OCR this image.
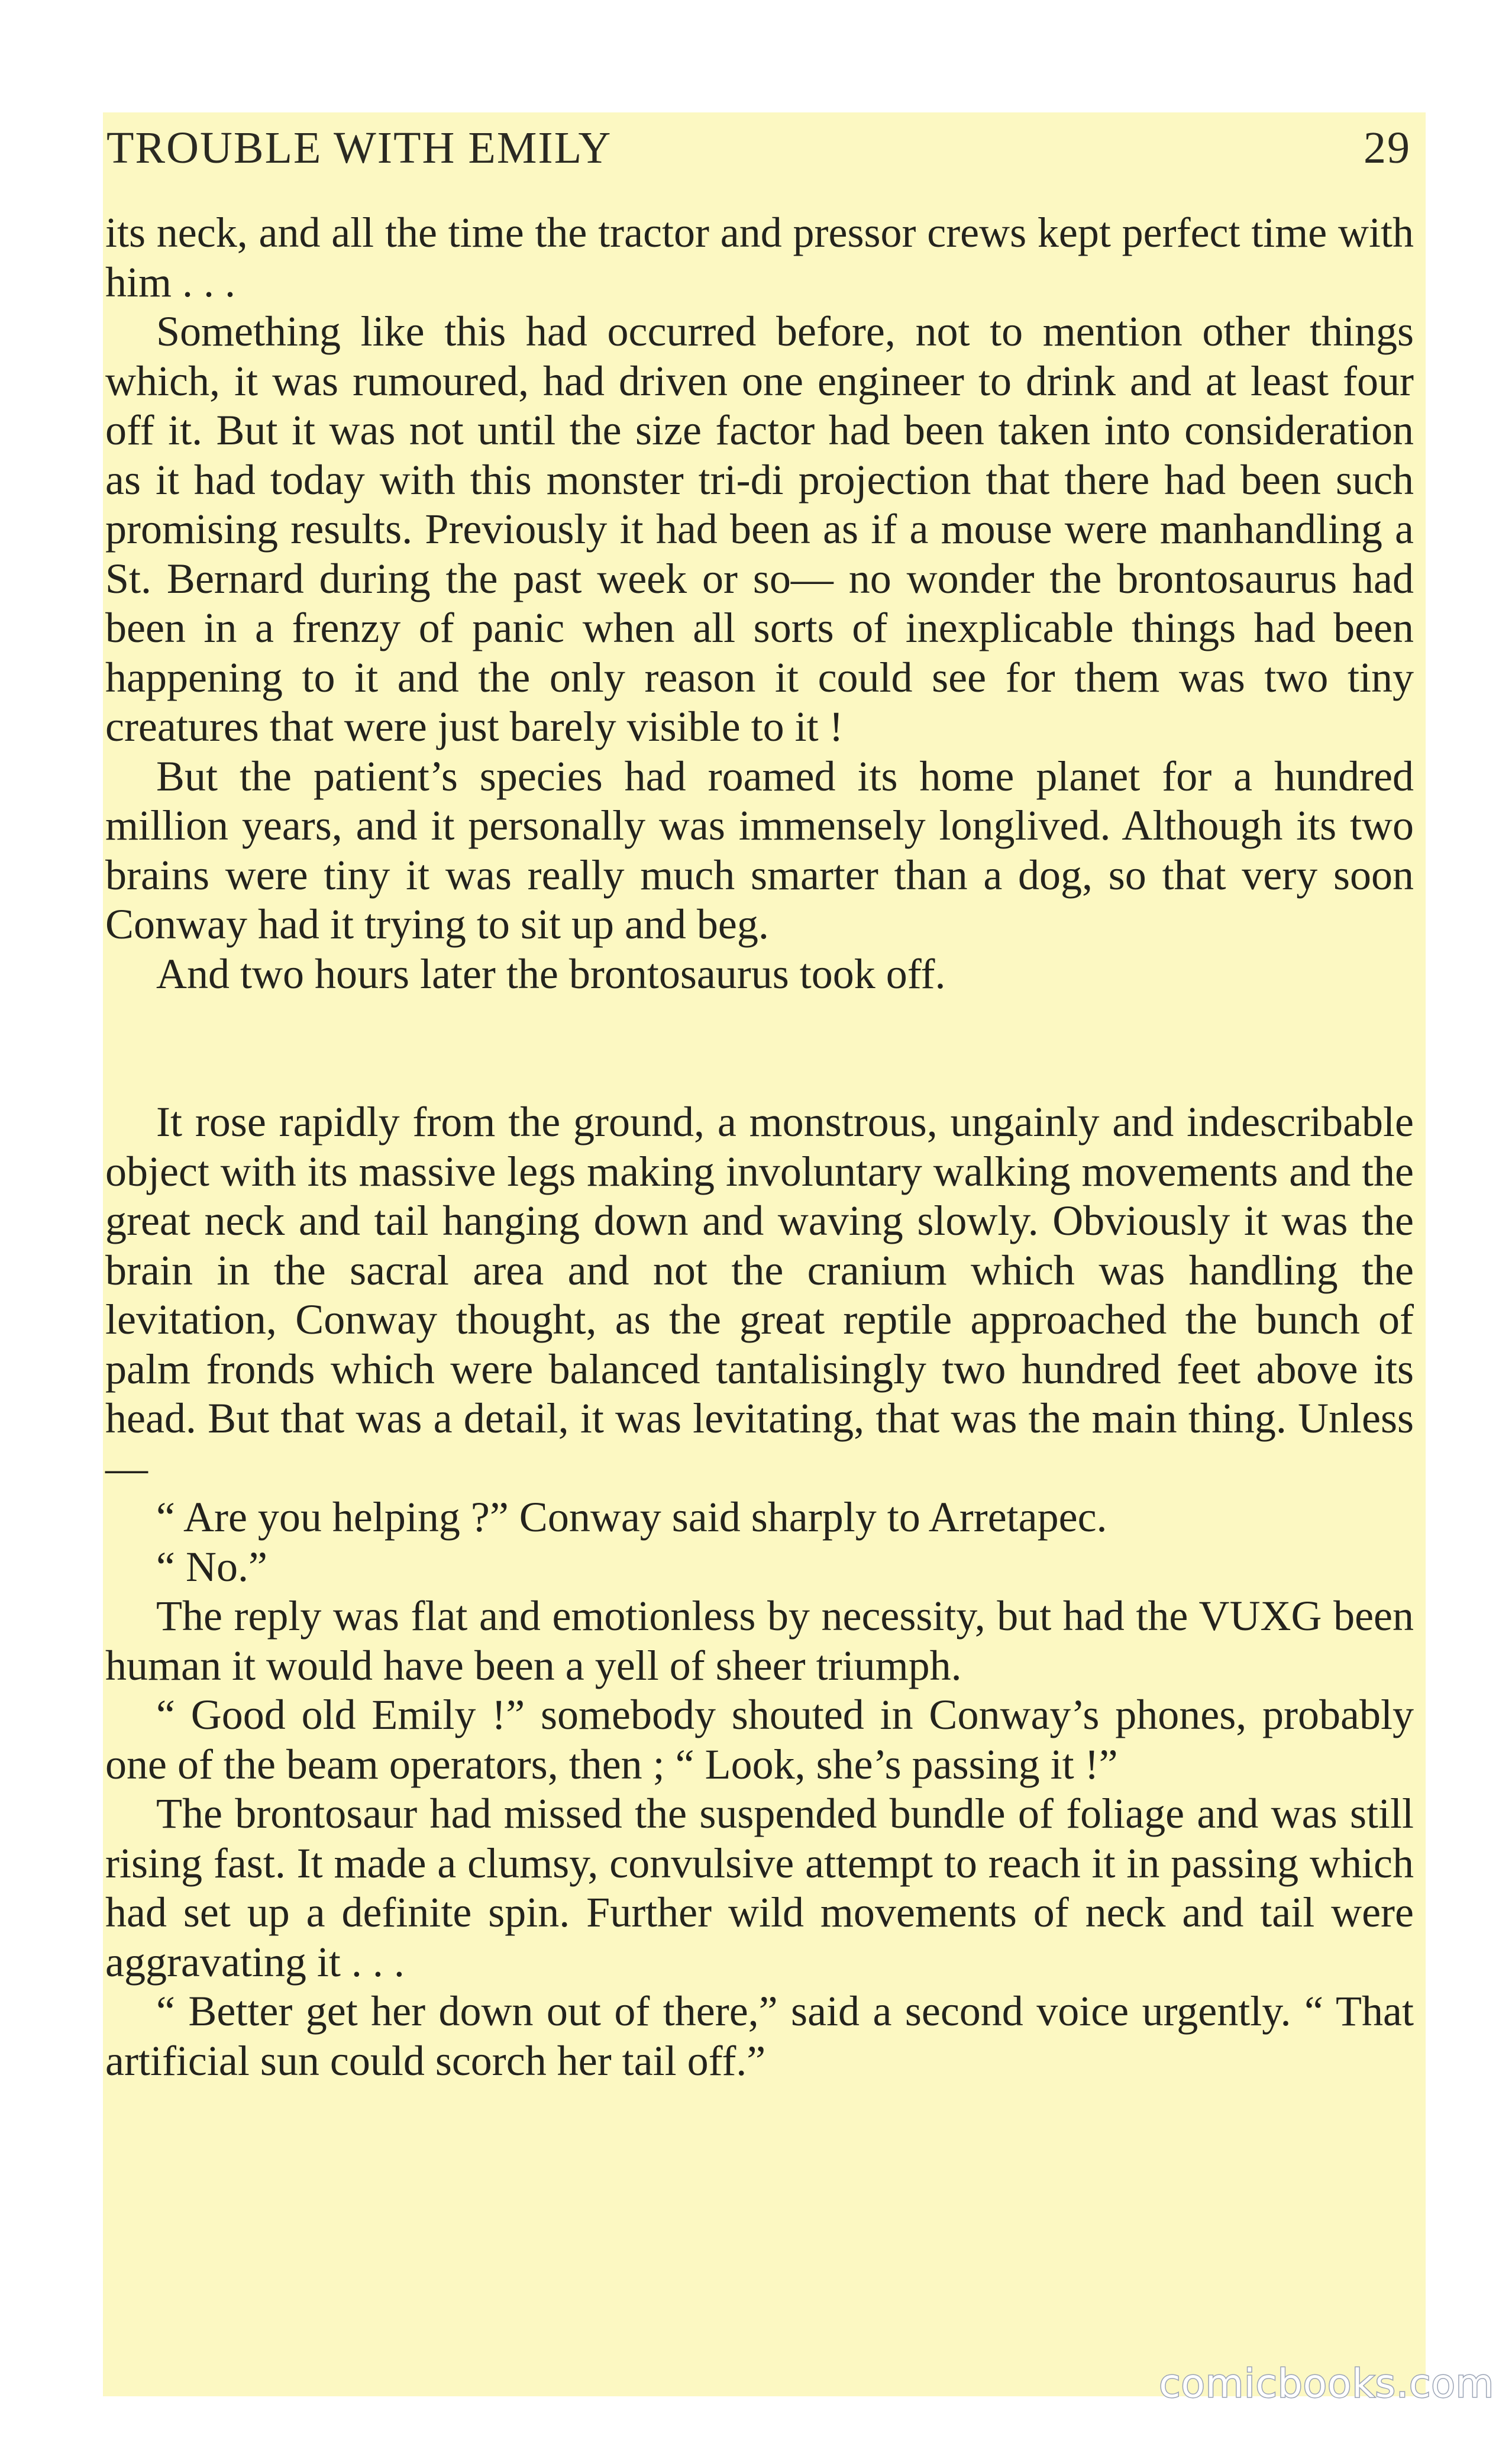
TROUBLE WITH EMILY	29

its neck, and all the time the tractor and pressor crews kept perfect time with him . . .

Something like this had occurred before, not to mention other things which, it was rumoured, had driven one engineer to drink and at least four off it. But it was not until the size factor had been taken into consideration as it had today with this monster tri-di projection that there had been such promising results. Previously it had been as if a mouse were manhandling a St. Bernard during the past week or so— no wonder the brontosaurus had been in a frenzy of panic when all sorts of inexplicable things had been happening to it and the only reason it could see for them was two tiny creatures that were just barely visible to it !

But the patient’s species had roamed its home planet for a hundred million years, and it personally was immensely longlived. Although its two brains were tiny it was really much smarter than a dog, so that very soon Conway had it trying to sit up and beg.

And two hours later the brontosaurus took off.

It rose rapidly from the ground, a monstrous, ungainly and indescribable object with its massive legs making involuntary walking movements and the great neck and tail hanging down and waving slowly. Obviously it was the brain in the sacral area and not the cranium which was handling the levitation, Conway thought, as the great reptile approached the bunch of palm fronds which were balanced tantalisingly two hundred feet above its head. But that was a detail, it was levitating, that was the main thing. Unless—

“ Are you helping ?” Conway said sharply to Arretapec.

“ No.”

The reply was flat and emotionless by necessity, but had the VUXG been human it would have been a yell of sheer triumph.

“ Good old Emily !” somebody shouted in Conway’s phones, probably one of the beam operators, then ; “ Look, she’s passing it !”

The brontosaur had missed the suspended bundle of foliage and was still rising fast. It made a clumsy, convulsive attempt to reach it in passing which had set up a definite spin. Further wild movements of neck and tail were aggravating it . . .

“ Better get her down out of there,” said a second voice urgently. “ That artificial sun could scorch her tail off.”

comicbooks.com
